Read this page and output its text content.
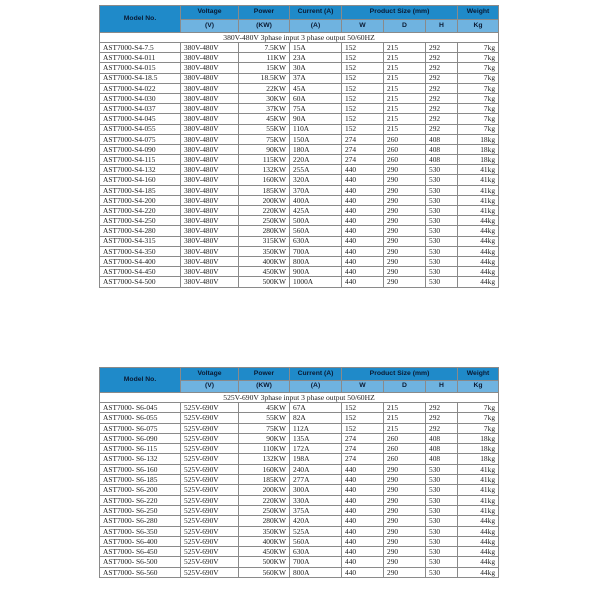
Model No.	Voltage	Power	Current (A)	Product Size (mm)			Weight
	(V)	(KW)	(A)	W	D	H	Kg
380V-480V 3phase input 3 phase output 50/60HZ							
AST7000-S4-7.5	380V-480V	7.5KW	15A	152	215	292	7kg
AST7000-S4-011	380V-480V	11KW	23A	152	215	292	7kg
AST7000-S4-015	380V-480V	15KW	30A	152	215	292	7kg
AST7000-S4-18.5	380V-480V	18.5KW	37A	152	215	292	7kg
AST7000-S4-022	380V-480V	22KW	45A	152	215	292	7kg
AST7000-S4-030	380V-480V	30KW	60A	152	215	292	7kg
AST7000-S4-037	380V-480V	37KW	75A	152	215	292	7kg
AST7000-S4-045	380V-480V	45KW	90A	152	215	292	7kg
AST7000-S4-055	380V-480V	55KW	110A	152	215	292	7kg
AST7000-S4-075	380V-480V	75KW	150A	274	260	408	18kg
AST7000-S4-090	380V-480V	90KW	180A	274	260	408	18kg
AST7000-S4-115	380V-480V	115KW	220A	274	260	408	18kg
AST7000-S4-132	380V-480V	132KW	255A	440	290	530	41kg
AST7000-S4-160	380V-480V	160KW	320A	440	290	530	41kg
AST7000-S4-185	380V-480V	185KW	370A	440	290	530	41kg
AST7000-S4-200	380V-480V	200KW	400A	440	290	530	41kg
AST7000-S4-220	380V-480V	220KW	425A	440	290	530	41kg
AST7000-S4-250	380V-480V	250KW	500A	440	290	530	44kg
AST7000-S4-280	380V-480V	280KW	560A	440	290	530	44kg
AST7000-S4-315	380V-480V	315KW	630A	440	290	530	44kg
AST7000-S4-350	380V-480V	350KW	700A	440	290	530	44kg
AST7000-S4-400	380V-480V	400KW	800A	440	290	530	44kg
AST7000-S4-450	380V-480V	450KW	900A	440	290	530	44kg
AST7000-S4-500	380V-480V	500KW	1000A	440	290	530	44kg
Model No.	Voltage	Power	Current (A)	Product Size (mm)			Weight
	(V)	(KW)	(A)	W	D	H	Kg
525V-690V 3phase input 3 phase output 50/60HZ							
AST7000- S6-045	525V-690V	45KW	67A	152	215	292	7kg
AST7000- S6-055	525V-690V	55KW	82A	152	215	292	7kg
AST7000- S6-075	525V-690V	75KW	112A	152	215	292	7kg
AST7000- S6-090	525V-690V	90KW	135A	274	260	408	18kg
AST7000- S6-115	525V-690V	110KW	172A	274	260	408	18kg
AST7000- S6-132	525V-690V	132KW	198A	274	260	408	18kg
AST7000- S6-160	525V-690V	160KW	240A	440	290	530	41kg
AST7000- S6-185	525V-690V	185KW	277A	440	290	530	41kg
AST7000- S6-200	525V-690V	200KW	300A	440	290	530	41kg
AST7000- S6-220	525V-690V	220KW	330A	440	290	530	41kg
AST7000- S6-250	525V-690V	250KW	375A	440	290	530	41kg
AST7000- S6-280	525V-690V	280KW	420A	440	290	530	44kg
AST7000- S6-350	525V-690V	350KW	525A	440	290	530	44kg
AST7000- S6-400	525V-690V	400KW	560A	440	290	530	44kg
AST7000- S6-450	525V-690V	450KW	630A	440	290	530	44kg
AST7000- S6-500	525V-690V	500KW	700A	440	290	530	44kg
AST7000- S6-560	525V-690V	560KW	800A	440	290	530	44kg
